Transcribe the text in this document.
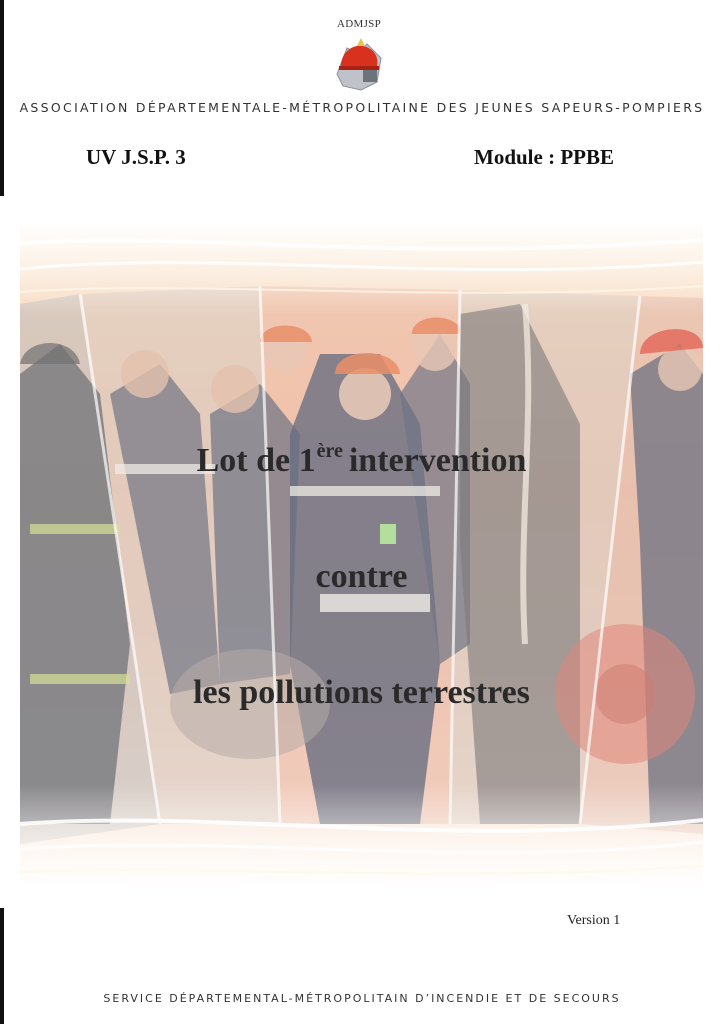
ADMJSP
ASSOCIATION DÉPARTEMENTALE-MÉTROPOLITAINE DES JEUNES SAPEURS-POMPIERS
UV J.S.P. 3	Module : PPBE
Lot de 1ère intervention
contre
les pollutions terrestres
Version 1
SERVICE DÉPARTEMENTAL-MÉTROPOLITAIN D’INCENDIE ET DE SECOURS
